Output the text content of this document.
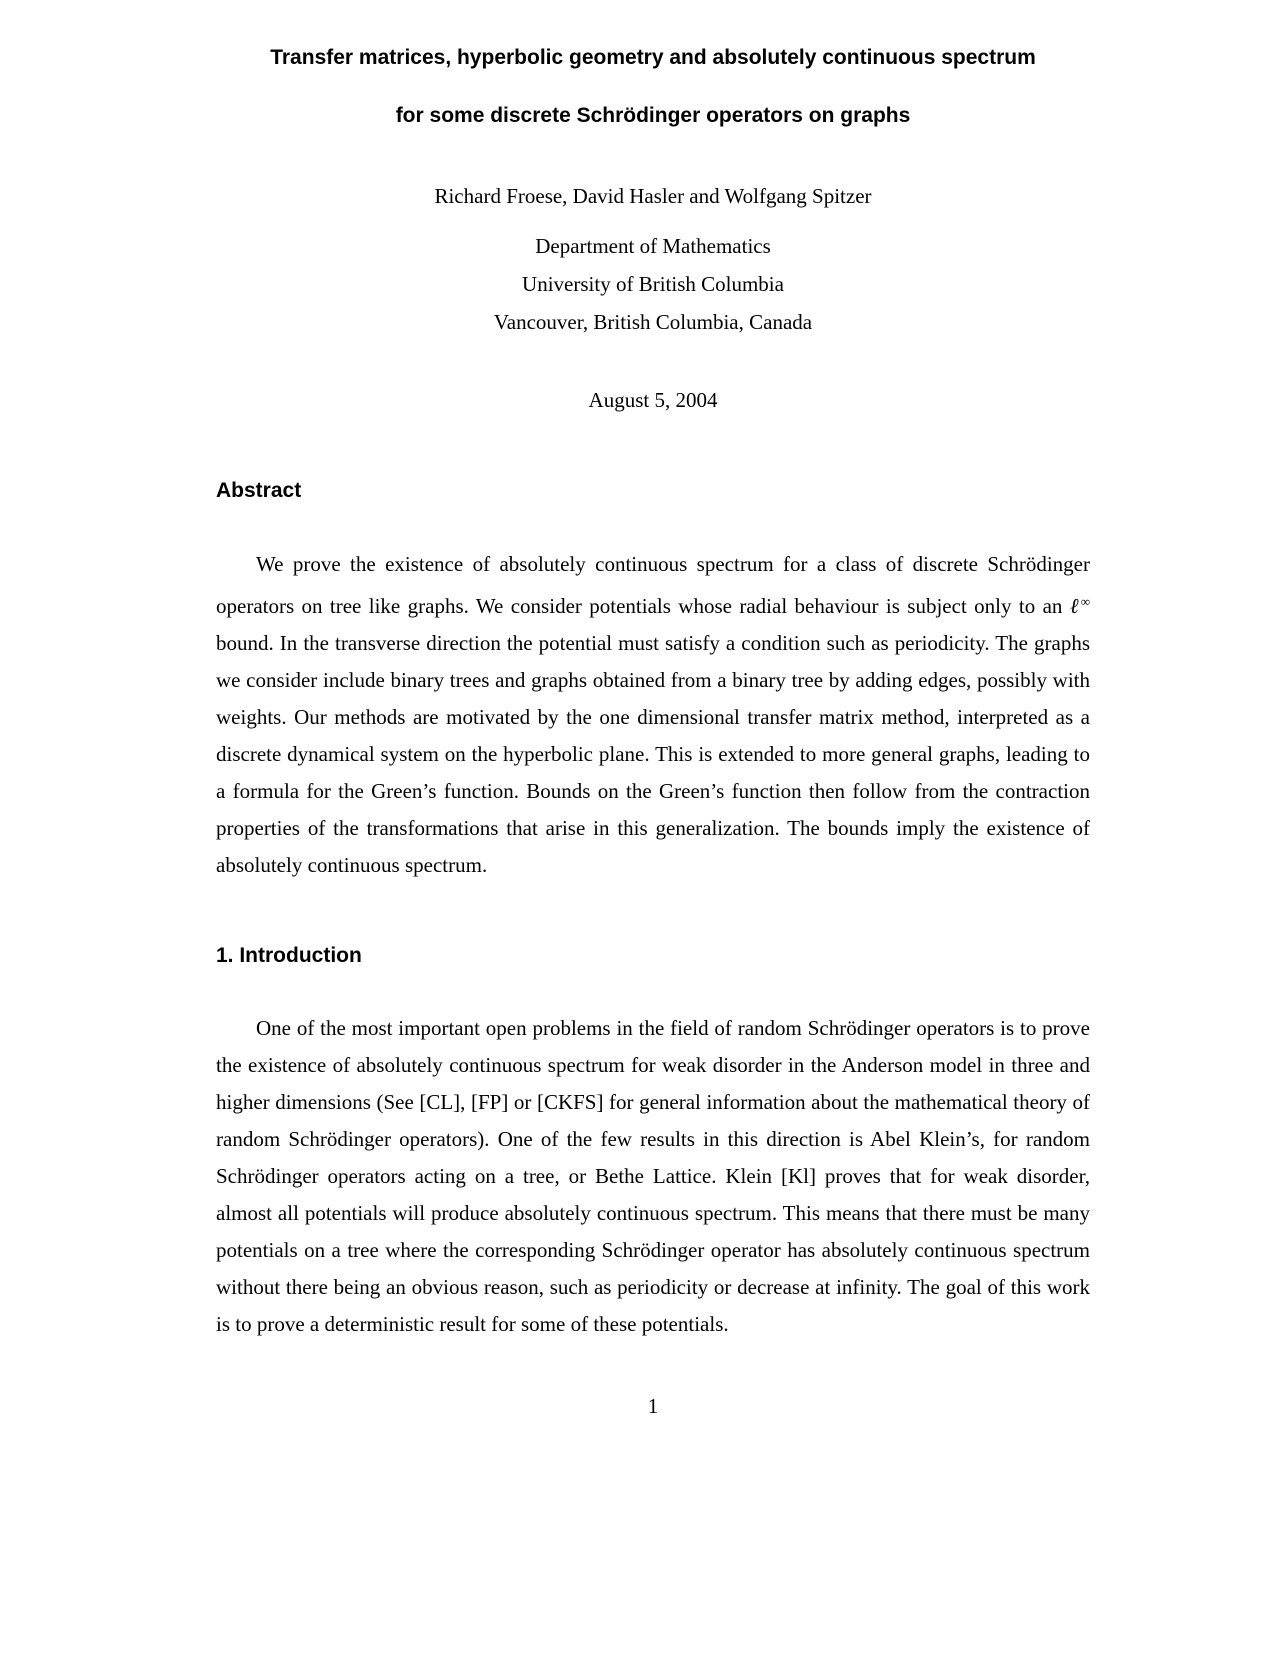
Transfer matrices, hyperbolic geometry and absolutely continuous spectrum
for some discrete Schrödinger operators on graphs

Richard Froese, David Hasler and Wolfgang Spitzer

Department of Mathematics

University of British Columbia

Vancouver, British Columbia, Canada

August 5, 2004

Abstract

We prove the existence of absolutely continuous spectrum for a class of discrete Schrödinger operators on tree like graphs. We consider potentials whose radial behaviour is subject only to an ℓ∞ bound. In the transverse direction the potential must satisfy a condition such as periodicity. The graphs we consider include binary trees and graphs obtained from a binary tree by adding edges, possibly with weights. Our methods are motivated by the one dimensional transfer matrix method, interpreted as a discrete dynamical system on the hyperbolic plane. This is extended to more general graphs, leading to a formula for the Green’s function. Bounds on the Green’s function then follow from the contraction properties of the transformations that arise in this generalization. The bounds imply the existence of absolutely continuous spectrum.

1. Introduction

One of the most important open problems in the field of random Schrödinger operators is to prove the existence of absolutely continuous spectrum for weak disorder in the Anderson model in three and higher dimensions (See [CL], [FP] or [CKFS] for general information about the mathematical theory of random Schrödinger operators). One of the few results in this direction is Abel Klein’s, for random Schrödinger operators acting on a tree, or Bethe Lattice. Klein [Kl] proves that for weak disorder, almost all potentials will produce absolutely continuous spectrum. This means that there must be many potentials on a tree where the corresponding Schrödinger operator has absolutely continuous spectrum without there being an obvious reason, such as periodicity or decrease at infinity. The goal of this work is to prove a deterministic result for some of these potentials.

1
